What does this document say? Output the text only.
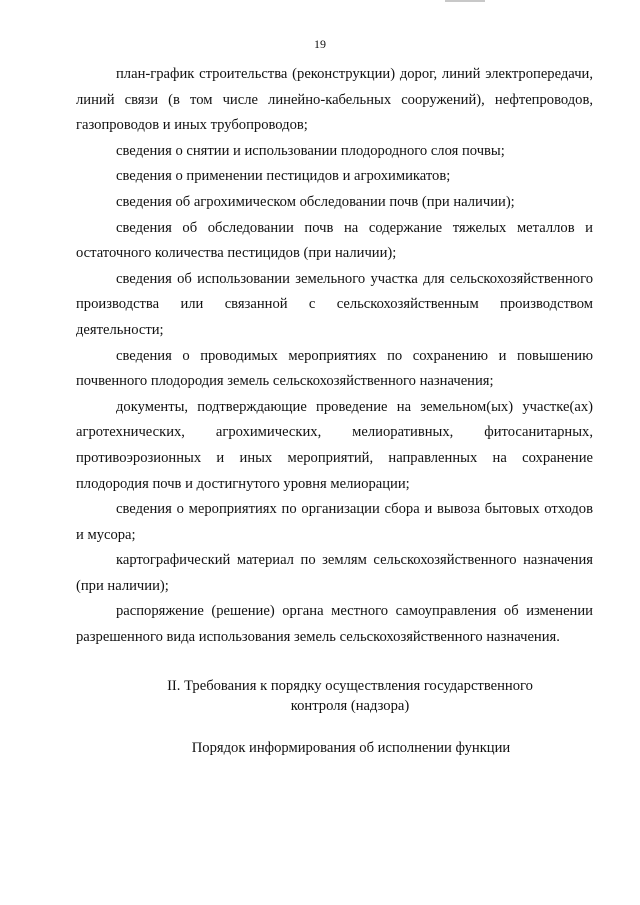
19

план-график строительства (реконструкции) дорог, линий электропередачи, линий связи (в том числе линейно-кабельных сооружений), нефтепроводов, газопроводов и иных трубопроводов;

сведения о снятии и использовании плодородного слоя почвы;

сведения о применении пестицидов и агрохимикатов;

сведения об агрохимическом обследовании почв (при наличии);

сведения об обследовании почв на содержание тяжелых металлов и остаточного количества пестицидов (при наличии);

сведения об использовании земельного участка для сельскохозяйственного производства или связанной с сельскохозяйственным производством деятельности;

сведения о проводимых мероприятиях по сохранению и повышению почвенного плодородия земель сельскохозяйственного назначения;

документы, подтверждающие проведение на земельном(ых) участке(ах) агротехнических, агрохимических, мелиоративных, фитосанитарных, противоэрозионных и иных мероприятий, направленных на сохранение плодородия почв и достигнутого уровня мелиорации;

сведения о мероприятиях по организации сбора и вывоза бытовых отходов и мусора;

картографический материал по землям сельскохозяйственного назначения (при наличии);

распоряжение (решение) органа местного самоуправления об изменении разрешенного вида использования земель сельскохозяйственного назначения.

II. Требования к порядку осуществления государственного
контроля (надзора)
Порядок информирования об исполнении функции
